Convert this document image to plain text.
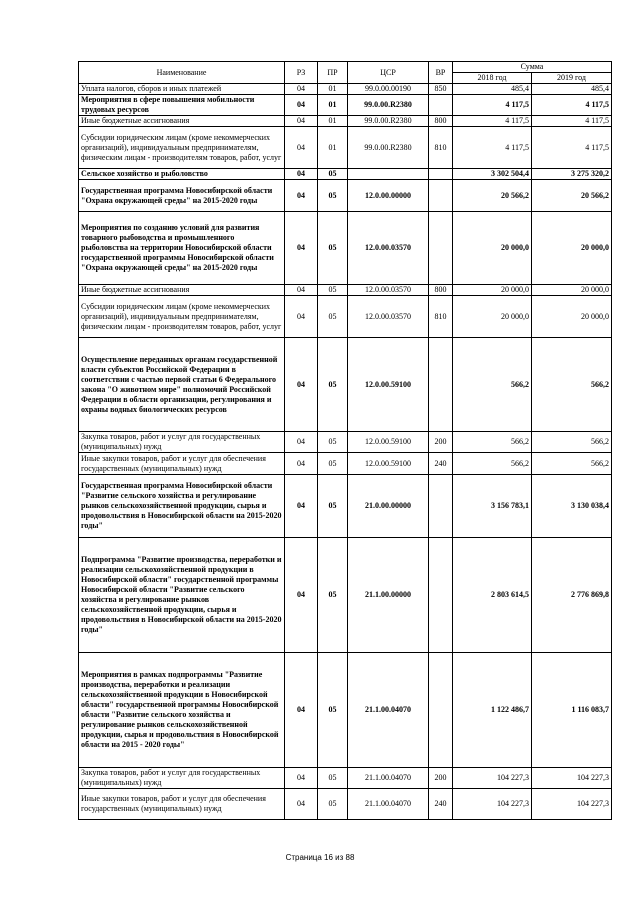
Наименование	РЗ	ПР	ЦСР	ВР	Сумма	
					2018 год	2019 год
Уплата налогов, сборов и иных платежей	04	01	99.0.00.00190	850	485,4	485,4
Мероприятия в сфере повышения мобильности трудовых ресурсов	04	01	99.0.00.R2380		4 117,5	4 117,5
Иные бюджетные ассигнования	04	01	99.0.00.R2380	800	4 117,5	4 117,5
Субсидии юридическим лицам (кроме некоммерческих организаций), индивидуальным предпринимателям, физическим лицам - производителям товаров, работ, услуг	04	01	99.0.00.R2380	810	4 117,5	4 117,5
Сельское хозяйство и рыболовство	04	05			3 302 504,4	3 275 320,2
Государственная программа Новосибирской области "Охрана окружающей среды" на 2015-2020 годы	04	05	12.0.00.00000		20 566,2	20 566,2
Мероприятия по созданию условий для развития товарного рыбоводства и промышленного рыболовства на территории Новосибирской области государственной программы Новосибирской области "Охрана окружающей среды" на 2015-2020 годы	04	05	12.0.00.03570		20 000,0	20 000,0
Иные бюджетные ассигнования	04	05	12.0.00.03570	800	20 000,0	20 000,0
Субсидии юридическим лицам (кроме некоммерческих организаций), индивидуальным предпринимателям, физическим лицам - производителям товаров, работ, услуг	04	05	12.0.00.03570	810	20 000,0	20 000,0
Осуществление переданных органам государственной власти субъектов Российской Федерации в соответствии с частью первой статьи 6 Федерального закона "О животном мире" полномочий Российской Федерации в области организации, регулирования и охраны водных биологических ресурсов	04	05	12.0.00.59100		566,2	566,2
Закупка товаров, работ и услуг для государственных (муниципальных) нужд	04	05	12.0.00.59100	200	566,2	566,2
Иные закупки товаров, работ и услуг для обеспечения государственных (муниципальных) нужд	04	05	12.0.00.59100	240	566,2	566,2
Государственная программа Новосибирской области "Развитие сельского хозяйства и регулирование рынков сельскохозяйственной продукции, сырья и продовольствия в Новосибирской области на 2015-2020 годы"	04	05	21.0.00.00000		3 156 783,1	3 130 038,4
Подпрограмма "Развитие производства, переработки и реализации сельскохозяйственной продукции в Новосибирской области" государственной программы Новосибирской области "Развитие сельского хозяйства и регулирование рынков сельскохозяйственной продукции, сырья и продовольствия в Новосибирской области на 2015-2020 годы"	04	05	21.1.00.00000		2 803 614,5	2 776 869,8
Мероприятия в рамках подпрограммы "Развитие производства, переработки и реализации сельскохозяйственной продукции в Новосибирской области" государственной программы Новосибирской области "Развитие сельского хозяйства и регулирование рынков сельскохозяйственной продукции, сырья и продовольствия в Новосибирской области на 2015 - 2020 годы"	04	05	21.1.00.04070		1 122 486,7	1 116 083,7
Закупка товаров, работ и услуг для государственных (муниципальных) нужд	04	05	21.1.00.04070	200	104 227,3	104 227,3
Иные закупки товаров, работ и услуг для обеспечения государственных (муниципальных) нужд	04	05	21.1.00.04070	240	104 227,3	104 227,3
Страница 16 из 88
